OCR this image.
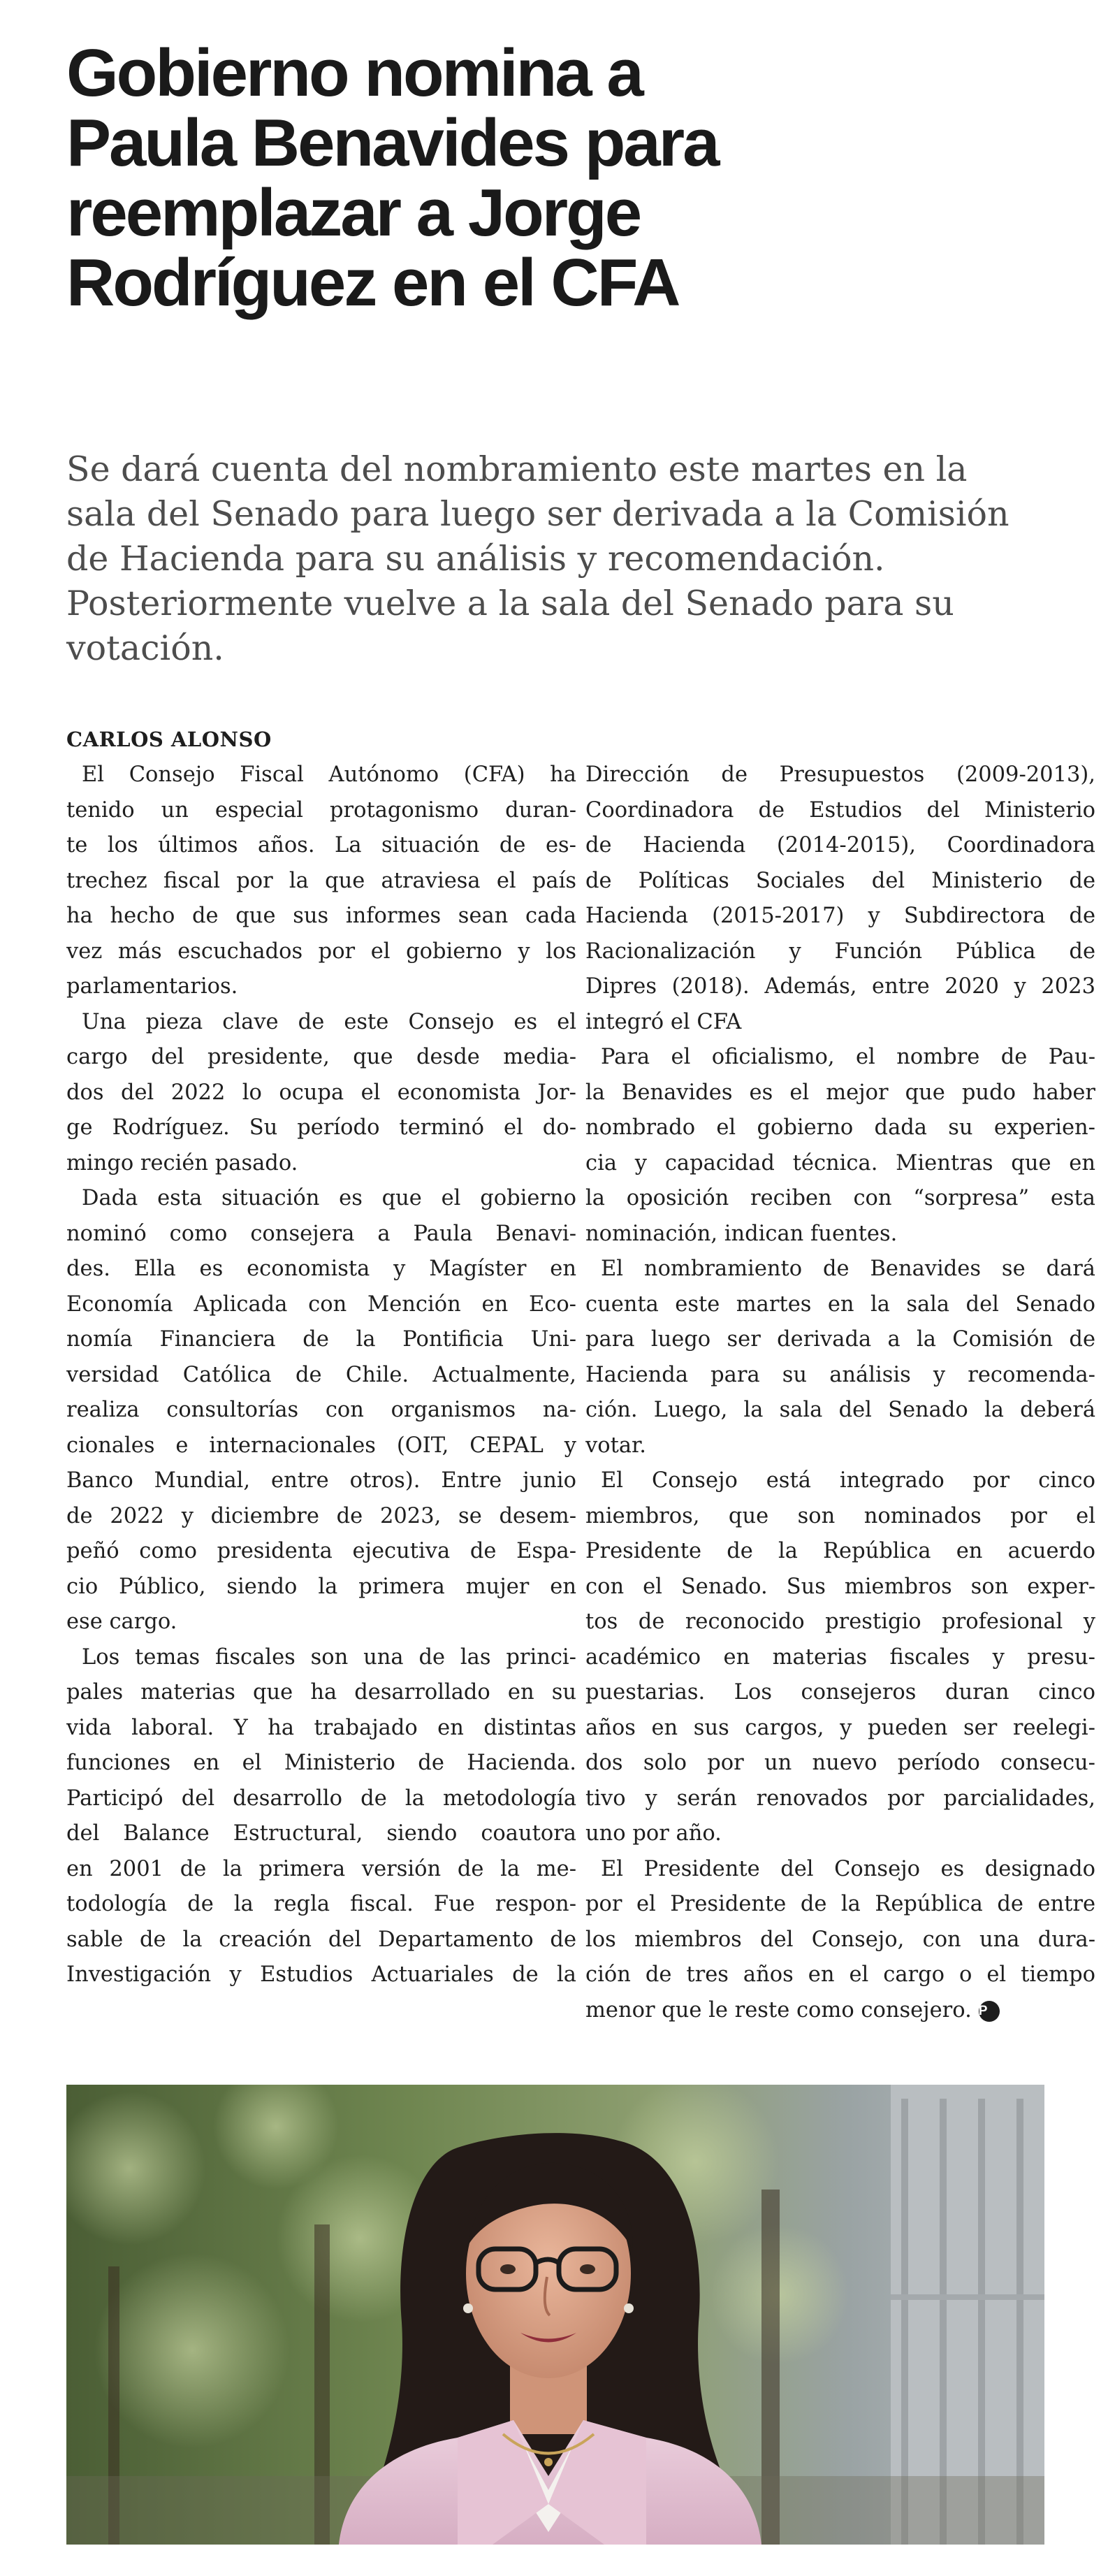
Gobierno nomina a
Paula Benavides para
reemplazar a Jorge
Rodríguez en el CFA

Se dará cuenta del nombramiento este martes en la
sala del Senado para luego ser derivada a la Comisión
de Hacienda para su análisis y recomendación.
Posteriormente vuelve a la sala del Senado para su
votación.

CARLOS ALONSO
El Consejo Fiscal Autónomo (CFA) ha
tenido un especial protagonismo duran-
te los últimos años. La situación de es-
trechez fiscal por la que atraviesa el país
ha hecho de que sus informes sean cada
vez más escuchados por el gobierno y los
parlamentarios.
Una pieza clave de este Consejo es el
cargo del presidente, que desde media-
dos del 2022 lo ocupa el economista Jor-
ge Rodríguez. Su período terminó el do-
mingo recién pasado.
Dada esta situación es que el gobierno
nominó como consejera a Paula Benavi-
des. Ella es economista y Magíster en
Economía Aplicada con Mención en Eco-
nomía Financiera de la Pontificia Uni-
versidad Católica de Chile. Actualmente,
realiza consultorías con organismos na-
cionales e internacionales (OIT, CEPAL y
Banco Mundial, entre otros). Entre junio
de 2022 y diciembre de 2023, se desem-
peñó como presidenta ejecutiva de Espa-
cio Público, siendo la primera mujer en
ese cargo.
Los temas fiscales son una de las princi-
pales materias que ha desarrollado en su
vida laboral. Y ha trabajado en distintas
funciones en el Ministerio de Hacienda.
Participó del desarrollo de la metodología
del Balance Estructural, siendo coautora
en 2001 de la primera versión de la me-
todología de la regla fiscal. Fue respon-
sable de la creación del Departamento de
Investigación y Estudios Actuariales de la
Dirección de Presupuestos (2009-2013),
Coordinadora de Estudios del Ministerio
de Hacienda (2014-2015), Coordinadora
de Políticas Sociales del Ministerio de
Hacienda (2015-2017) y Subdirectora de
Racionalización y Función Pública de
Dipres (2018). Además, entre 2020 y 2023
integró el CFA
Para el oficialismo, el nombre de Pau-
la Benavides es el mejor que pudo haber
nombrado el gobierno dada su experien-
cia y capacidad técnica. Mientras que en
la oposición reciben con “sorpresa” esta
nominación, indican fuentes.
El nombramiento de Benavides se dará
cuenta este martes en la sala del Senado
para luego ser derivada a la Comisión de
Hacienda para su análisis y recomenda-
ción. Luego, la sala del Senado la deberá
votar.
El Consejo está integrado por cinco
miembros, que son nominados por el
Presidente de la República en acuerdo
con el Senado. Sus miembros son exper-
tos de reconocido prestigio profesional y
académico en materias fiscales y presu-
puestarias. Los consejeros duran cinco
años en sus cargos, y pueden ser reelegi-
dos solo por un nuevo período consecu-
tivo y serán renovados por parcialidades,
uno por año.
El Presidente del Consejo es designado
por el Presidente de la República de entre
los miembros del Consejo, con una dura-
ción de tres años en el cargo o el tiempo
menor que le reste como consejero. P
